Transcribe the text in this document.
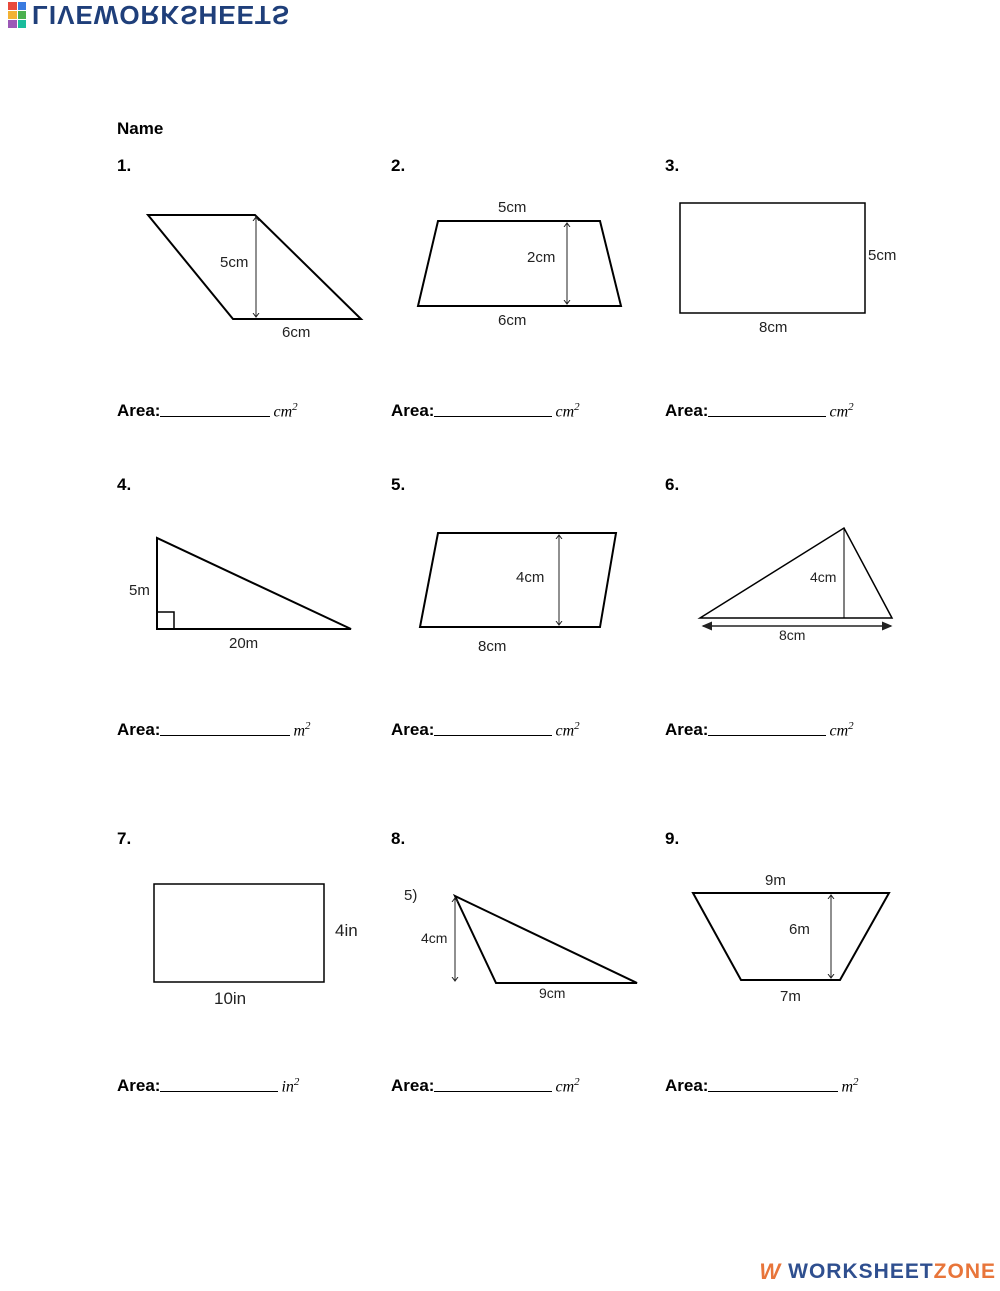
LIVEWORKSHEETS
Name
1.	2.	3.
4.	5.	6.
7.	8.	9.
5cm
6cm
5cm
2cm
6cm
5cm
8cm
5m
20m
4cm
8cm
4cm
8cm
4in
10in
5)
4cm
9cm
9m
6m
7m
Area:	$cm^2$	Area:	$cm^2$	Area:	$cm^2$
Area:	$m^2$	Area:	$cm^2$	Area:	$cm^2$
Area:	$in^2$	Area:	$cm^2$	Area:	$m^2$
W WORKSHEETZONE
